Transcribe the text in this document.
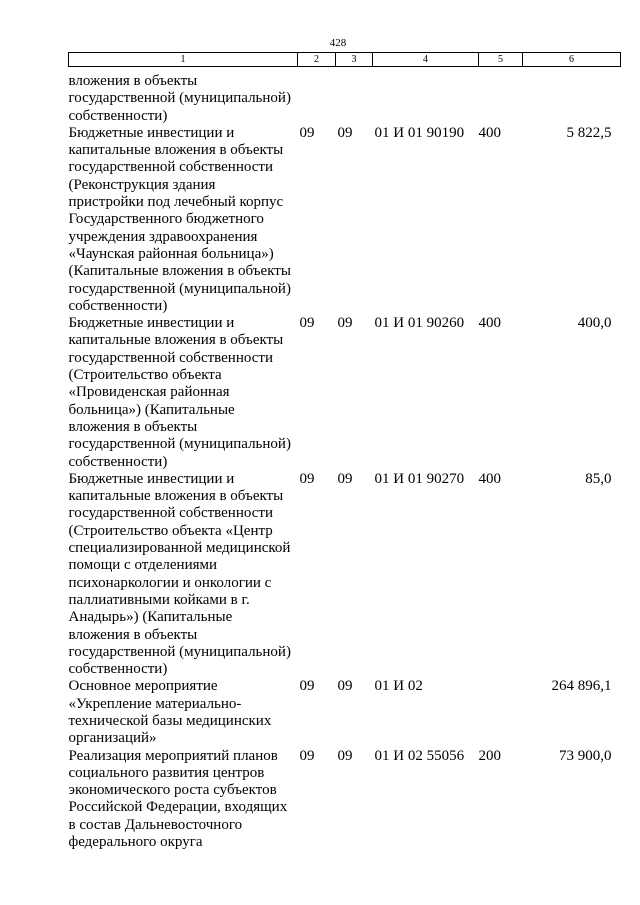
428
1	2	3	4	5	6
вложения в объекты государственной (муниципальной) собственности)					
Бюджетные инвестиции и капитальные вложения в объекты государственной собственности (Реконструкция здания пристройки под лечебный корпус Государственного бюджетного учреждения здравоохранения «Чаунская районная больница») (Капитальные вложения в объекты государственной (муниципальной) собственности)	09	09	01 И 01 90190	400	5 822,5
Бюджетные инвестиции и капитальные вложения в объекты государственной собственности (Строительство объекта «Провиденская районная больница») (Капитальные вложения в объекты государственной (муниципальной) собственности)	09	09	01 И 01 90260	400	400,0
Бюджетные инвестиции и капитальные вложения в объекты государственной собственности (Строительство объекта «Центр специализированной медицинской помощи с отделениями психонаркологии и онкологии с паллиативными койками в г. Анадырь») (Капитальные вложения в объекты государственной (муниципальной) собственности)	09	09	01 И 01 90270	400	85,0
Основное мероприятие «Укрепление материально-технической базы медицинских организаций»	09	09	01 И 02		264 896,1
Реализация мероприятий планов социального развития центров экономического роста субъектов Российской Федерации, входящих в состав Дальневосточного федерального округа	09	09	01 И 02 55056	200	73 900,0
